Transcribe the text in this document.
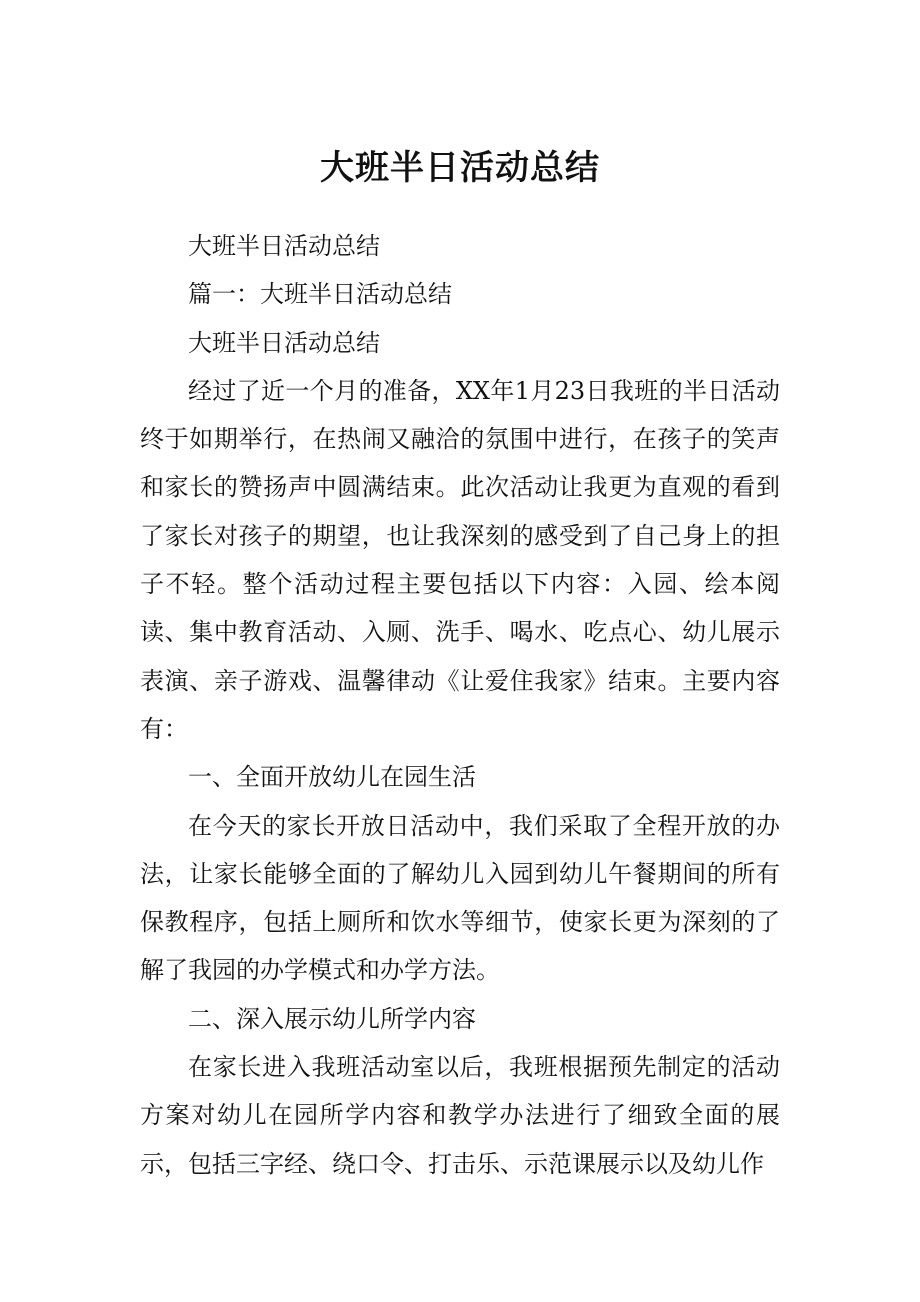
大班半日活动总结

大班半日活动总结

篇一：大班半日活动总结

大班半日活动总结

经过了近一个月的准备，XX年1月23日我班的半日活动终于如期举行，在热闹又融洽的氛围中进行，在孩子的笑声和家长的赞扬声中圆满结束。此次活动让我更为直观的看到了家长对孩子的期望，也让我深刻的感受到了自己身上的担子不轻。整个活动过程主要包括以下内容：入园、绘本阅读、集中教育活动、入厕、洗手、喝水、吃点心、幼儿展示表演、亲子游戏、温馨律动《让爱住我家》结束。主要内容有：

一、全面开放幼儿在园生活

在今天的家长开放日活动中，我们采取了全程开放的办法，让家长能够全面的了解幼儿入园到幼儿午餐期间的所有保教程序，包括上厕所和饮水等细节，使家长更为深刻的了解了我园的办学模式和办学方法。

二、深入展示幼儿所学内容

在家长进入我班活动室以后，我班根据预先制定的活动方案对幼儿在园所学内容和教学办法进行了细致全面的展示，包括三字经、绕口令、打击乐、示范课展示以及幼儿作
